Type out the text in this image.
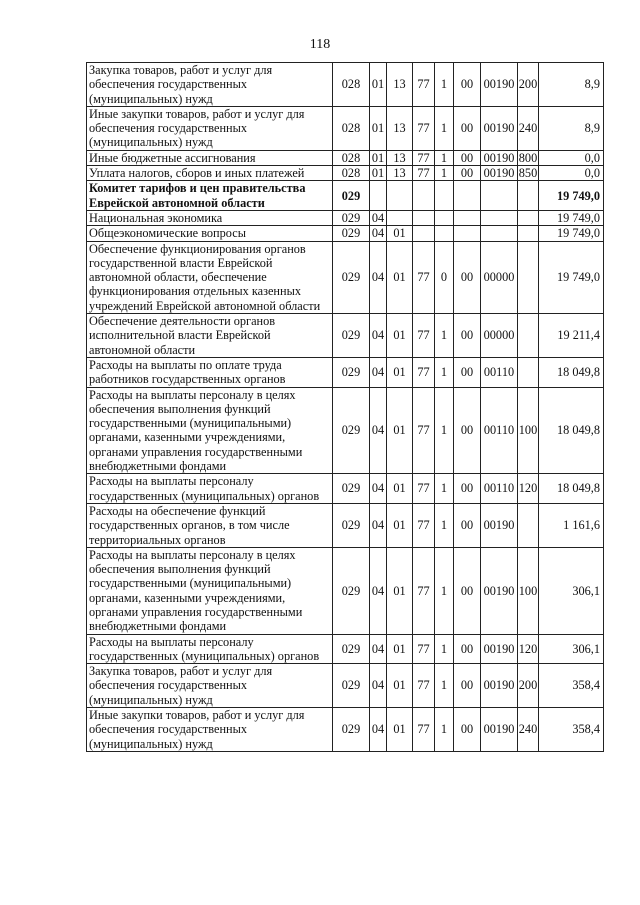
118
Закупка товаров, работ и услуг для обеспечения государственных (муниципальных) нужд	028	01	13	77	1	00	00190	200	8,9
Иные закупки товаров, работ и услуг для обеспечения государственных (муниципальных) нужд	028	01	13	77	1	00	00190	240	8,9
Иные бюджетные ассигнования	028	01	13	77	1	00	00190	800	0,0
Уплата налогов, сборов и иных платежей	028	01	13	77	1	00	00190	850	0,0
Комитет тарифов и цен правительства Еврейской автономной области	029								19 749,0
Национальная экономика	029	04							19 749,0
Общеэкономические вопросы	029	04	01						19 749,0
Обеспечение функционирования органов государственной власти Еврейской автономной области, обеспечение функционирования отдельных казенных учреждений Еврейской автономной области	029	04	01	77	0	00	00000		19 749,0
Обеспечение деятельности органов исполнительной власти Еврейской автономной области	029	04	01	77	1	00	00000		19 211,4
Расходы на выплаты по оплате труда работников государственных органов	029	04	01	77	1	00	00110		18 049,8
Расходы на выплаты персоналу в целях обеспечения выполнения функций государственными (муниципальными) органами, казенными учреждениями, органами управления государственными внебюджетными фондами	029	04	01	77	1	00	00110	100	18 049,8
Расходы на выплаты персоналу государственных (муниципальных) органов	029	04	01	77	1	00	00110	120	18 049,8
Расходы на обеспечение функций государственных органов, в том числе территориальных органов	029	04	01	77	1	00	00190		1 161,6
Расходы на выплаты персоналу в целях обеспечения выполнения функций государственными (муниципальными) органами, казенными учреждениями, органами управления государственными внебюджетными фондами	029	04	01	77	1	00	00190	100	306,1
Расходы на выплаты персоналу государственных (муниципальных) органов	029	04	01	77	1	00	00190	120	306,1
Закупка товаров, работ и услуг для обеспечения государственных (муниципальных) нужд	029	04	01	77	1	00	00190	200	358,4
Иные закупки товаров, работ и услуг для обеспечения государственных (муниципальных) нужд	029	04	01	77	1	00	00190	240	358,4
